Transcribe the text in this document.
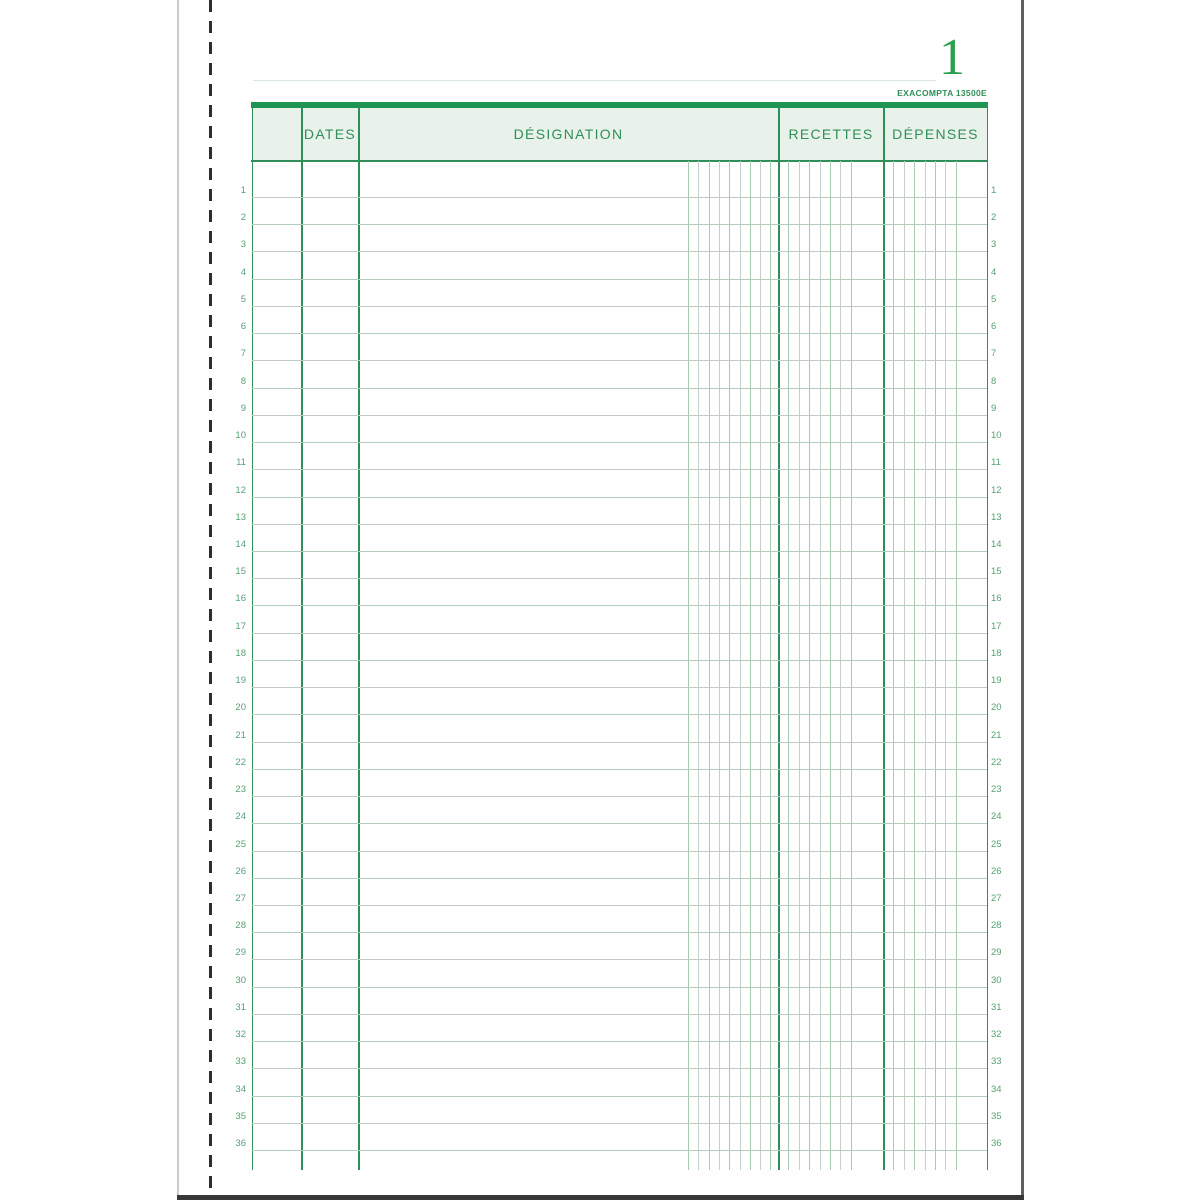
1
EXACOMPTA 13500E
DATES	DÉSIGNATION	RECETTES	DÉPENSES
1	1
2	2
3	3
4	4
5	5
6	6
7	7
8	8
9	9
10	10
11	11
12	12
13	13
14	14
15	15
16	16
17	17
18	18
19	19
20	20
21	21
22	22
23	23
24	24
25	25
26	26
27	27
28	28
29	29
30	30
31	31
32	32
33	33
34	34
35	35
36	36
